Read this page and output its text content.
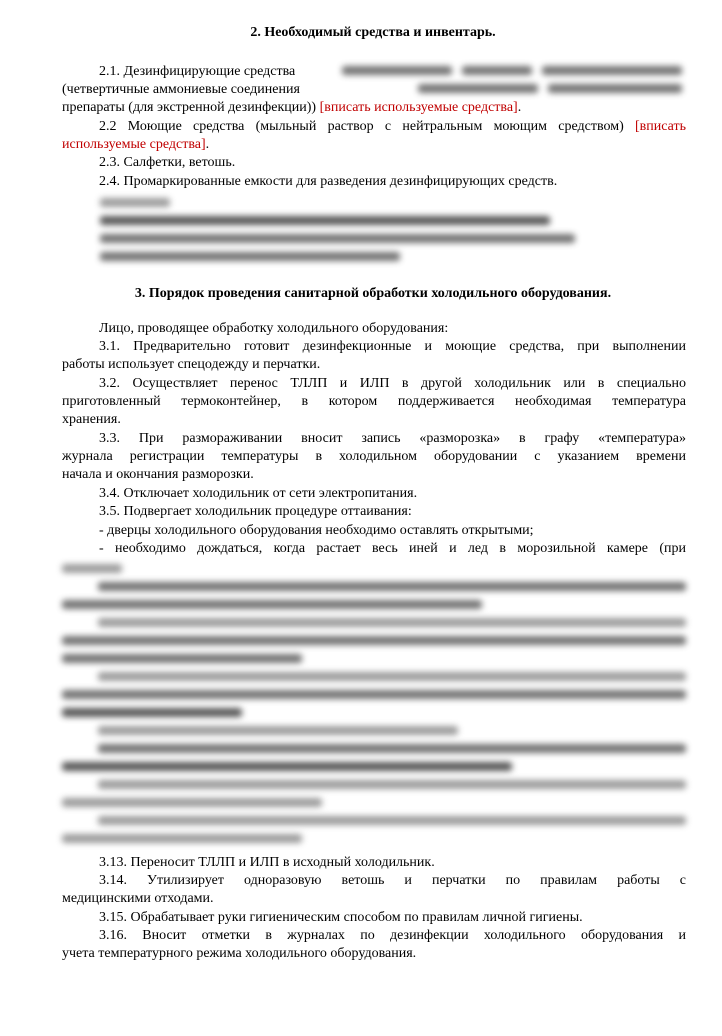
2. Необходимый средства и инвентарь.
2.1. Дезинфицирующие средства
(четвертичные аммониевые соединения
препараты (для экстренной дезинфекции)) [вписать используемые средства].
2.2 Моющие средства (мыльный раствор с нейтральным моющим средством) [вписать
используемые средства].
2.3. Салфетки, ветошь.
2.4. Промаркированные емкости для разведения дезинфицирующих средств.
3. Порядок проведения санитарной обработки холодильного оборудования.
Лицо, проводящее обработку холодильного оборудования:
3.1. Предварительно готовит дезинфекционные и моющие средства, при выполнении
работы использует спецодежду и перчатки.
3.2. Осуществляет перенос ТЛЛП и ИЛП в другой холодильник или в специально
приготовленный термоконтейнер, в котором поддерживается необходимая температура
хранения.
3.3. При размораживании вносит запись «разморозка» в графу «температура»
журнала регистрации температуры в холодильном оборудовании с указанием времени
начала и окончания разморозки.
3.4. Отключает холодильник от сети электропитания.
3.5. Подвергает холодильник процедуре оттаивания:
- дверцы холодильного оборудования необходимо оставлять открытыми;
- необходимо дождаться, когда растает весь иней и лед в морозильной камере (при
3.13. Переносит ТЛЛП и ИЛП в исходный холодильник.
3.14. Утилизирует одноразовую ветошь и перчатки по правилам работы с
медицинскими отходами.
3.15. Обрабатывает руки гигиеническим способом по правилам личной гигиены.
3.16. Вносит отметки в журналах по дезинфекции холодильного оборудования и
учета температурного режима холодильного оборудования.
